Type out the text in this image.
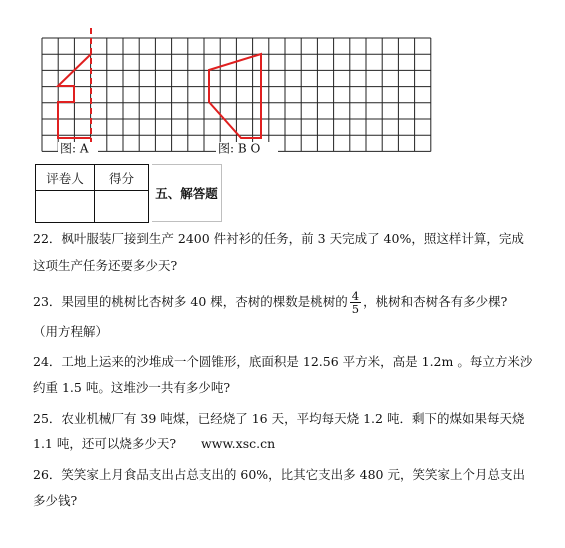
图: A	图: B O
评卷人	得分

五、解答题
22．枫叶服装厂接到生产 2400 件衬衫的任务，前 3 天完成了 40%，照这样计算，完成
这项生产任务还要多少天?
23．果园里的桃树比杏树多 40 棵，杏树的棵数是桃树的 $\frac{4}{5}$ ，桃树和杏树各有多少棵?
（用方程解）
24．工地上运来的沙堆成一个圆锥形，底面积是 12.56 平方米，高是 1.2m 。每立方米沙
约重 1.5 吨。这堆沙一共有多少吨?
25．农业机械厂有 39 吨煤，已经烧了 16 天，平均每天烧 1.2 吨．剩下的煤如果每天烧
1.1 吨，还可以烧多少天?　　www.xsc.cn
26．笑笑家上月食品支出占总支出的 60%，比其它支出多 480 元，笑笑家上个月总支出
多少钱?
